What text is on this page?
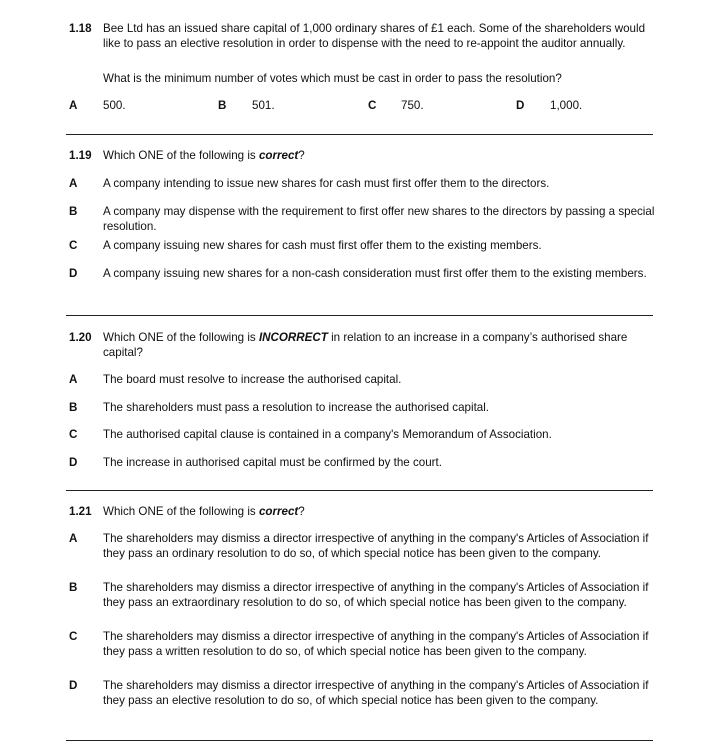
1.18 Bee Ltd has an issued share capital of 1,000 ordinary shares of £1 each. Some of the shareholders would like to pass an elective resolution in order to dispense with the need to re-appoint the auditor annually.
What is the minimum number of votes which must be cast in order to pass the resolution?
A 500.	B 501.	C 750.	D 1,000.
1.19 Which ONE of the following is correct?
A A company intending to issue new shares for cash must first offer them to the directors.
B A company may dispense with the requirement to first offer new shares to the directors by passing a special resolution.
C A company issuing new shares for cash must first offer them to the existing members.
D A company issuing new shares for a non-cash consideration must first offer them to the existing members.
1.20 Which ONE of the following is INCORRECT in relation to an increase in a company’s authorised share capital?
A The board must resolve to increase the authorised capital.
B The shareholders must pass a resolution to increase the authorised capital.
C The authorised capital clause is contained in a company's Memorandum of Association.
D The increase in authorised capital must be confirmed by the court.
1.21 Which ONE of the following is correct?
A The shareholders may dismiss a director irrespective of anything in the company's Articles of Association if they pass an ordinary resolution to do so, of which special notice has been given to the company.
B The shareholders may dismiss a director irrespective of anything in the company's Articles of Association if they pass an extraordinary resolution to do so, of which special notice has been given to the company.
C The shareholders may dismiss a director irrespective of anything in the company's Articles of Association if they pass a written resolution to do so, of which special notice has been given to the company.
D The shareholders may dismiss a director irrespective of anything in the company's Articles of Association if they pass an elective resolution to do so, of which special notice has been given to the company.
